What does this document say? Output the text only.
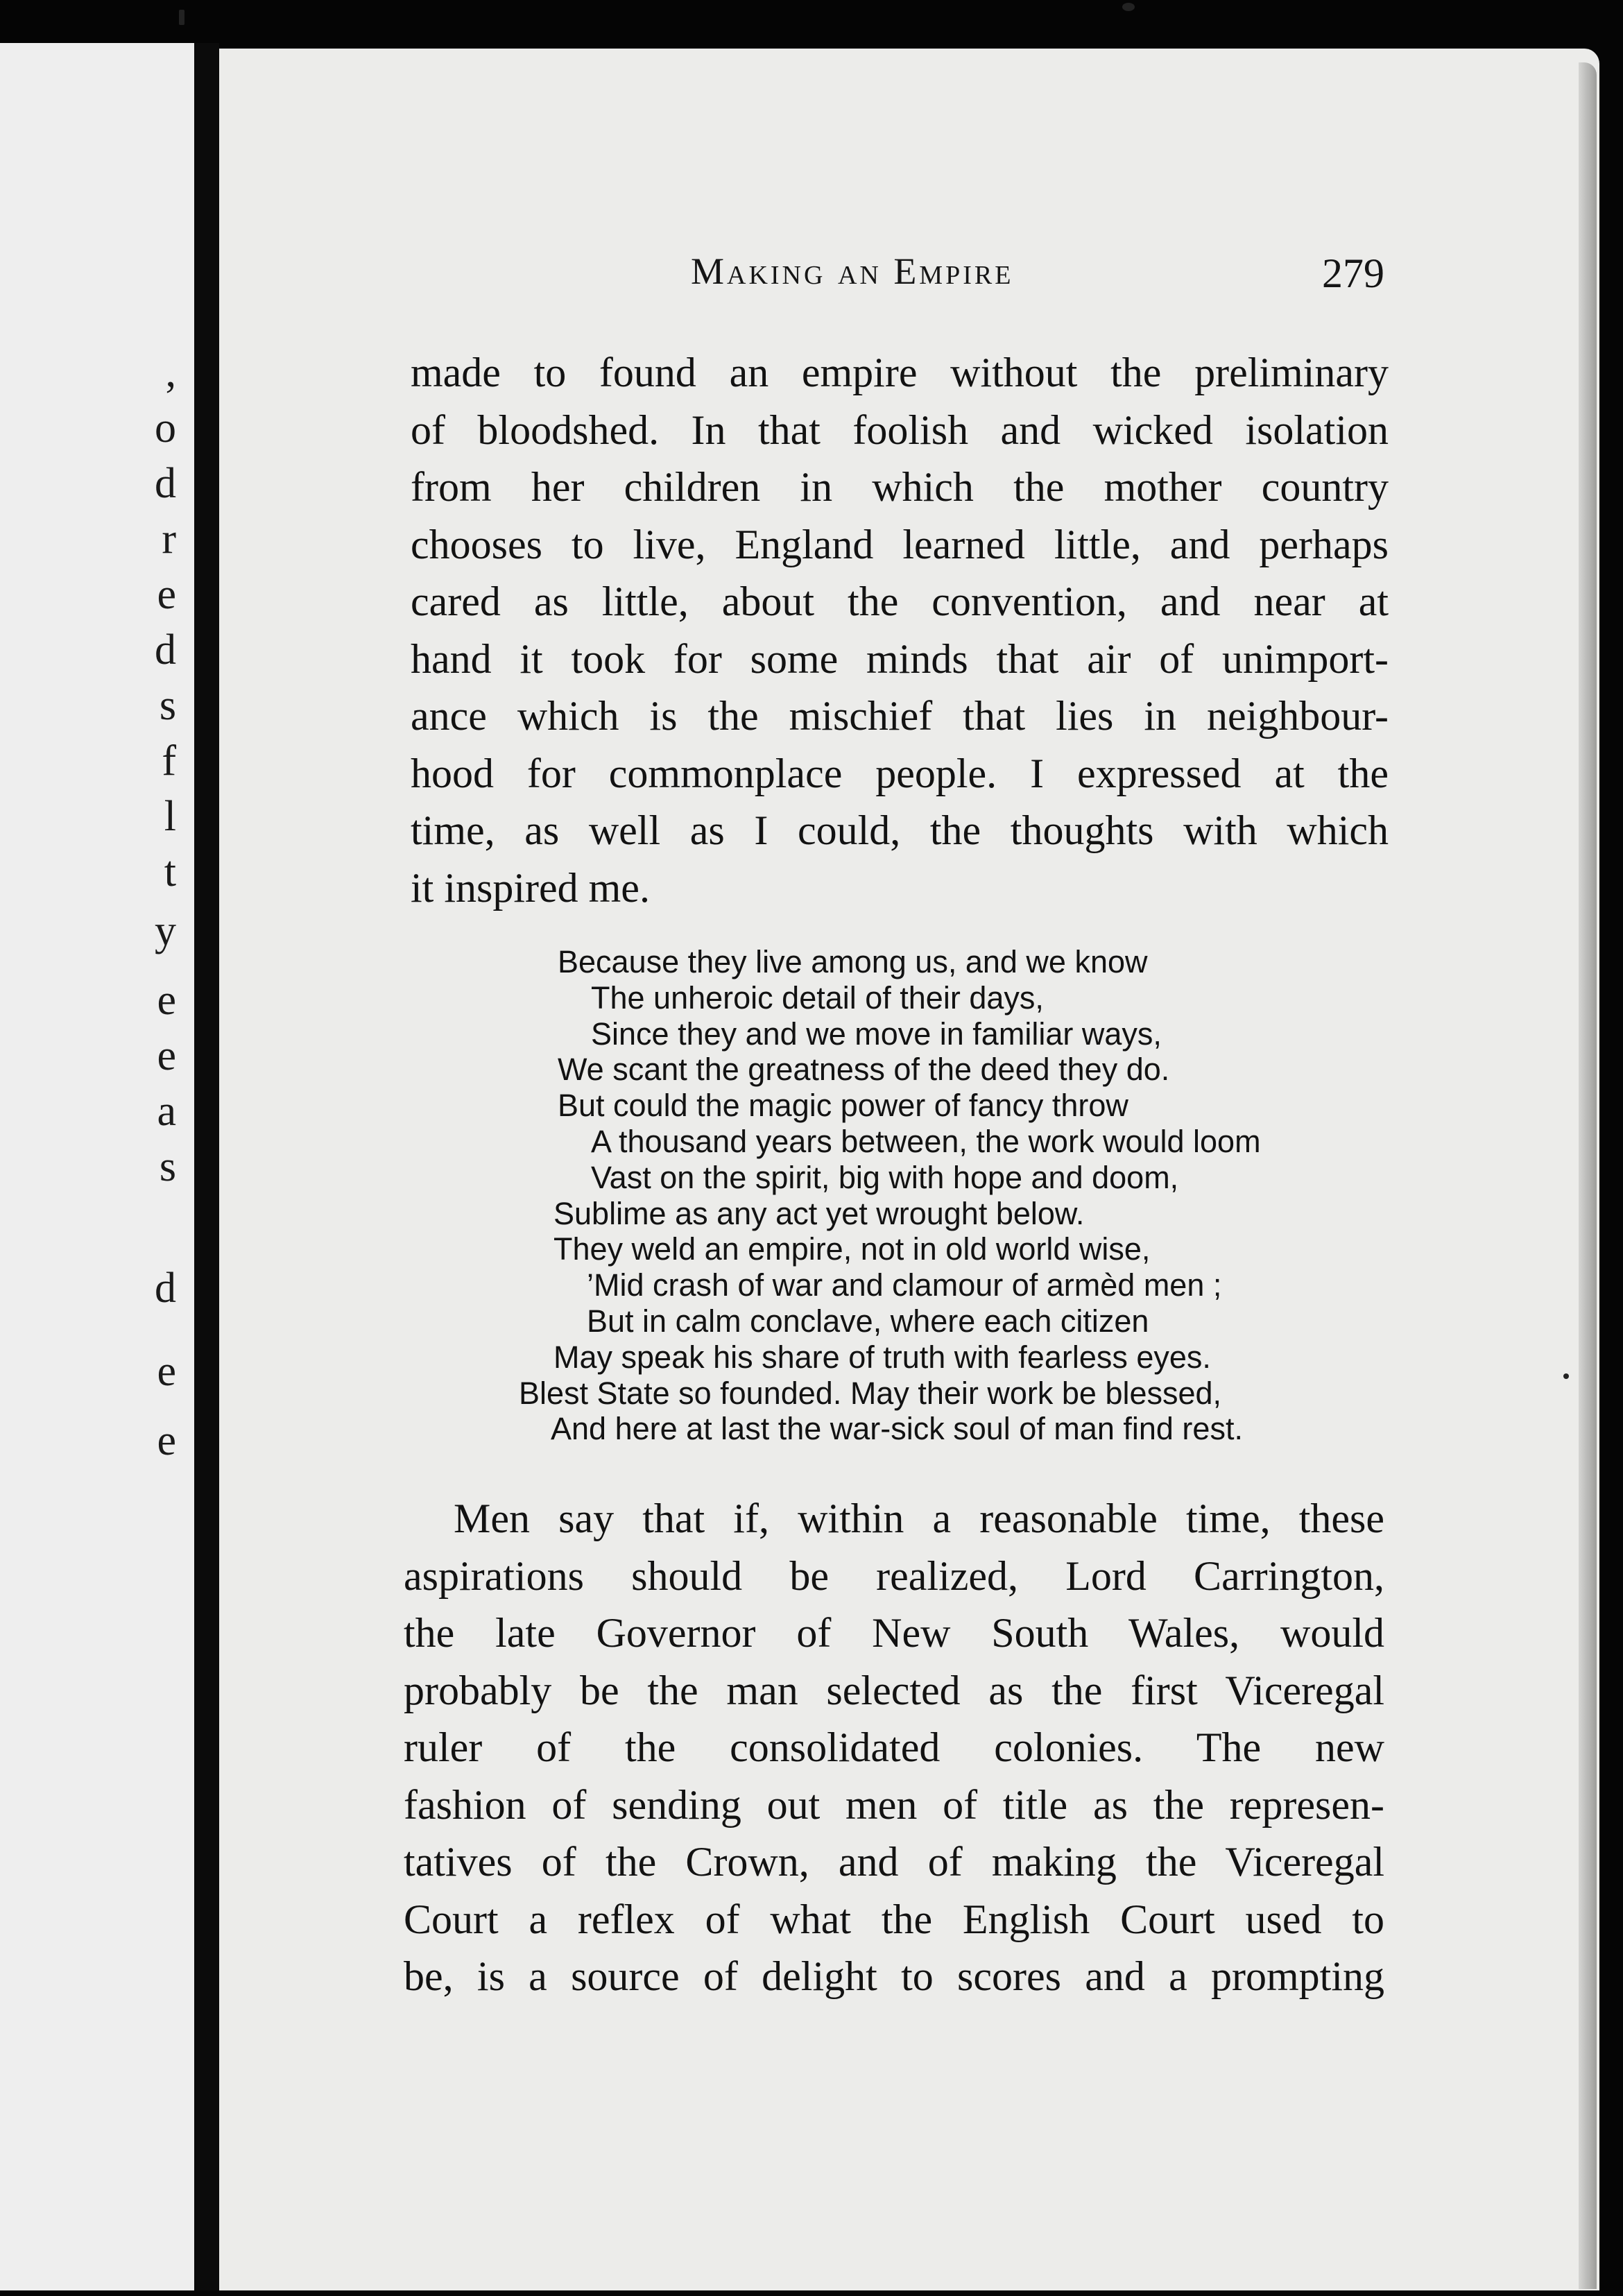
,
o
d
r
e
d
s
f
l
t
y
e
e
a
s
d
e
e
Making an Empire	279
made to found an empire without the preliminary
of bloodshed. In that foolish and wicked isolation
from her children in which the mother country
chooses to live, England learned little, and perhaps
cared as little, about the convention, and near at
hand it took for some minds that air of unimport-
ance which is the mischief that lies in neighbour-
hood for commonplace people. I expressed at the
time, as well as I could, the thoughts with which
it inspired me.
Because they live among us, and we know
The unheroic detail of their days,
Since they and we move in familiar ways,
We scant the greatness of the deed they do.
But could the magic power of fancy throw
A thousand years between, the work would loom
Vast on the spirit, big with hope and doom,
Sublime as any act yet wrought below.
They weld an empire, not in old world wise,
’Mid crash of war and clamour of armèd men ;
But in calm conclave, where each citizen
May speak his share of truth with fearless eyes.
Blest State so founded. May their work be blessed,
And here at last the war-sick soul of man find rest.
Men say that if, within a reasonable time, these
aspirations should be realized, Lord Carrington,
the late Governor of New South Wales, would
probably be the man selected as the first Viceregal
ruler of the consolidated colonies. The new
fashion of sending out men of title as the represen-
tatives of the Crown, and of making the Viceregal
Court a reflex of what the English Court used to
be, is a source of delight to scores and a prompting
